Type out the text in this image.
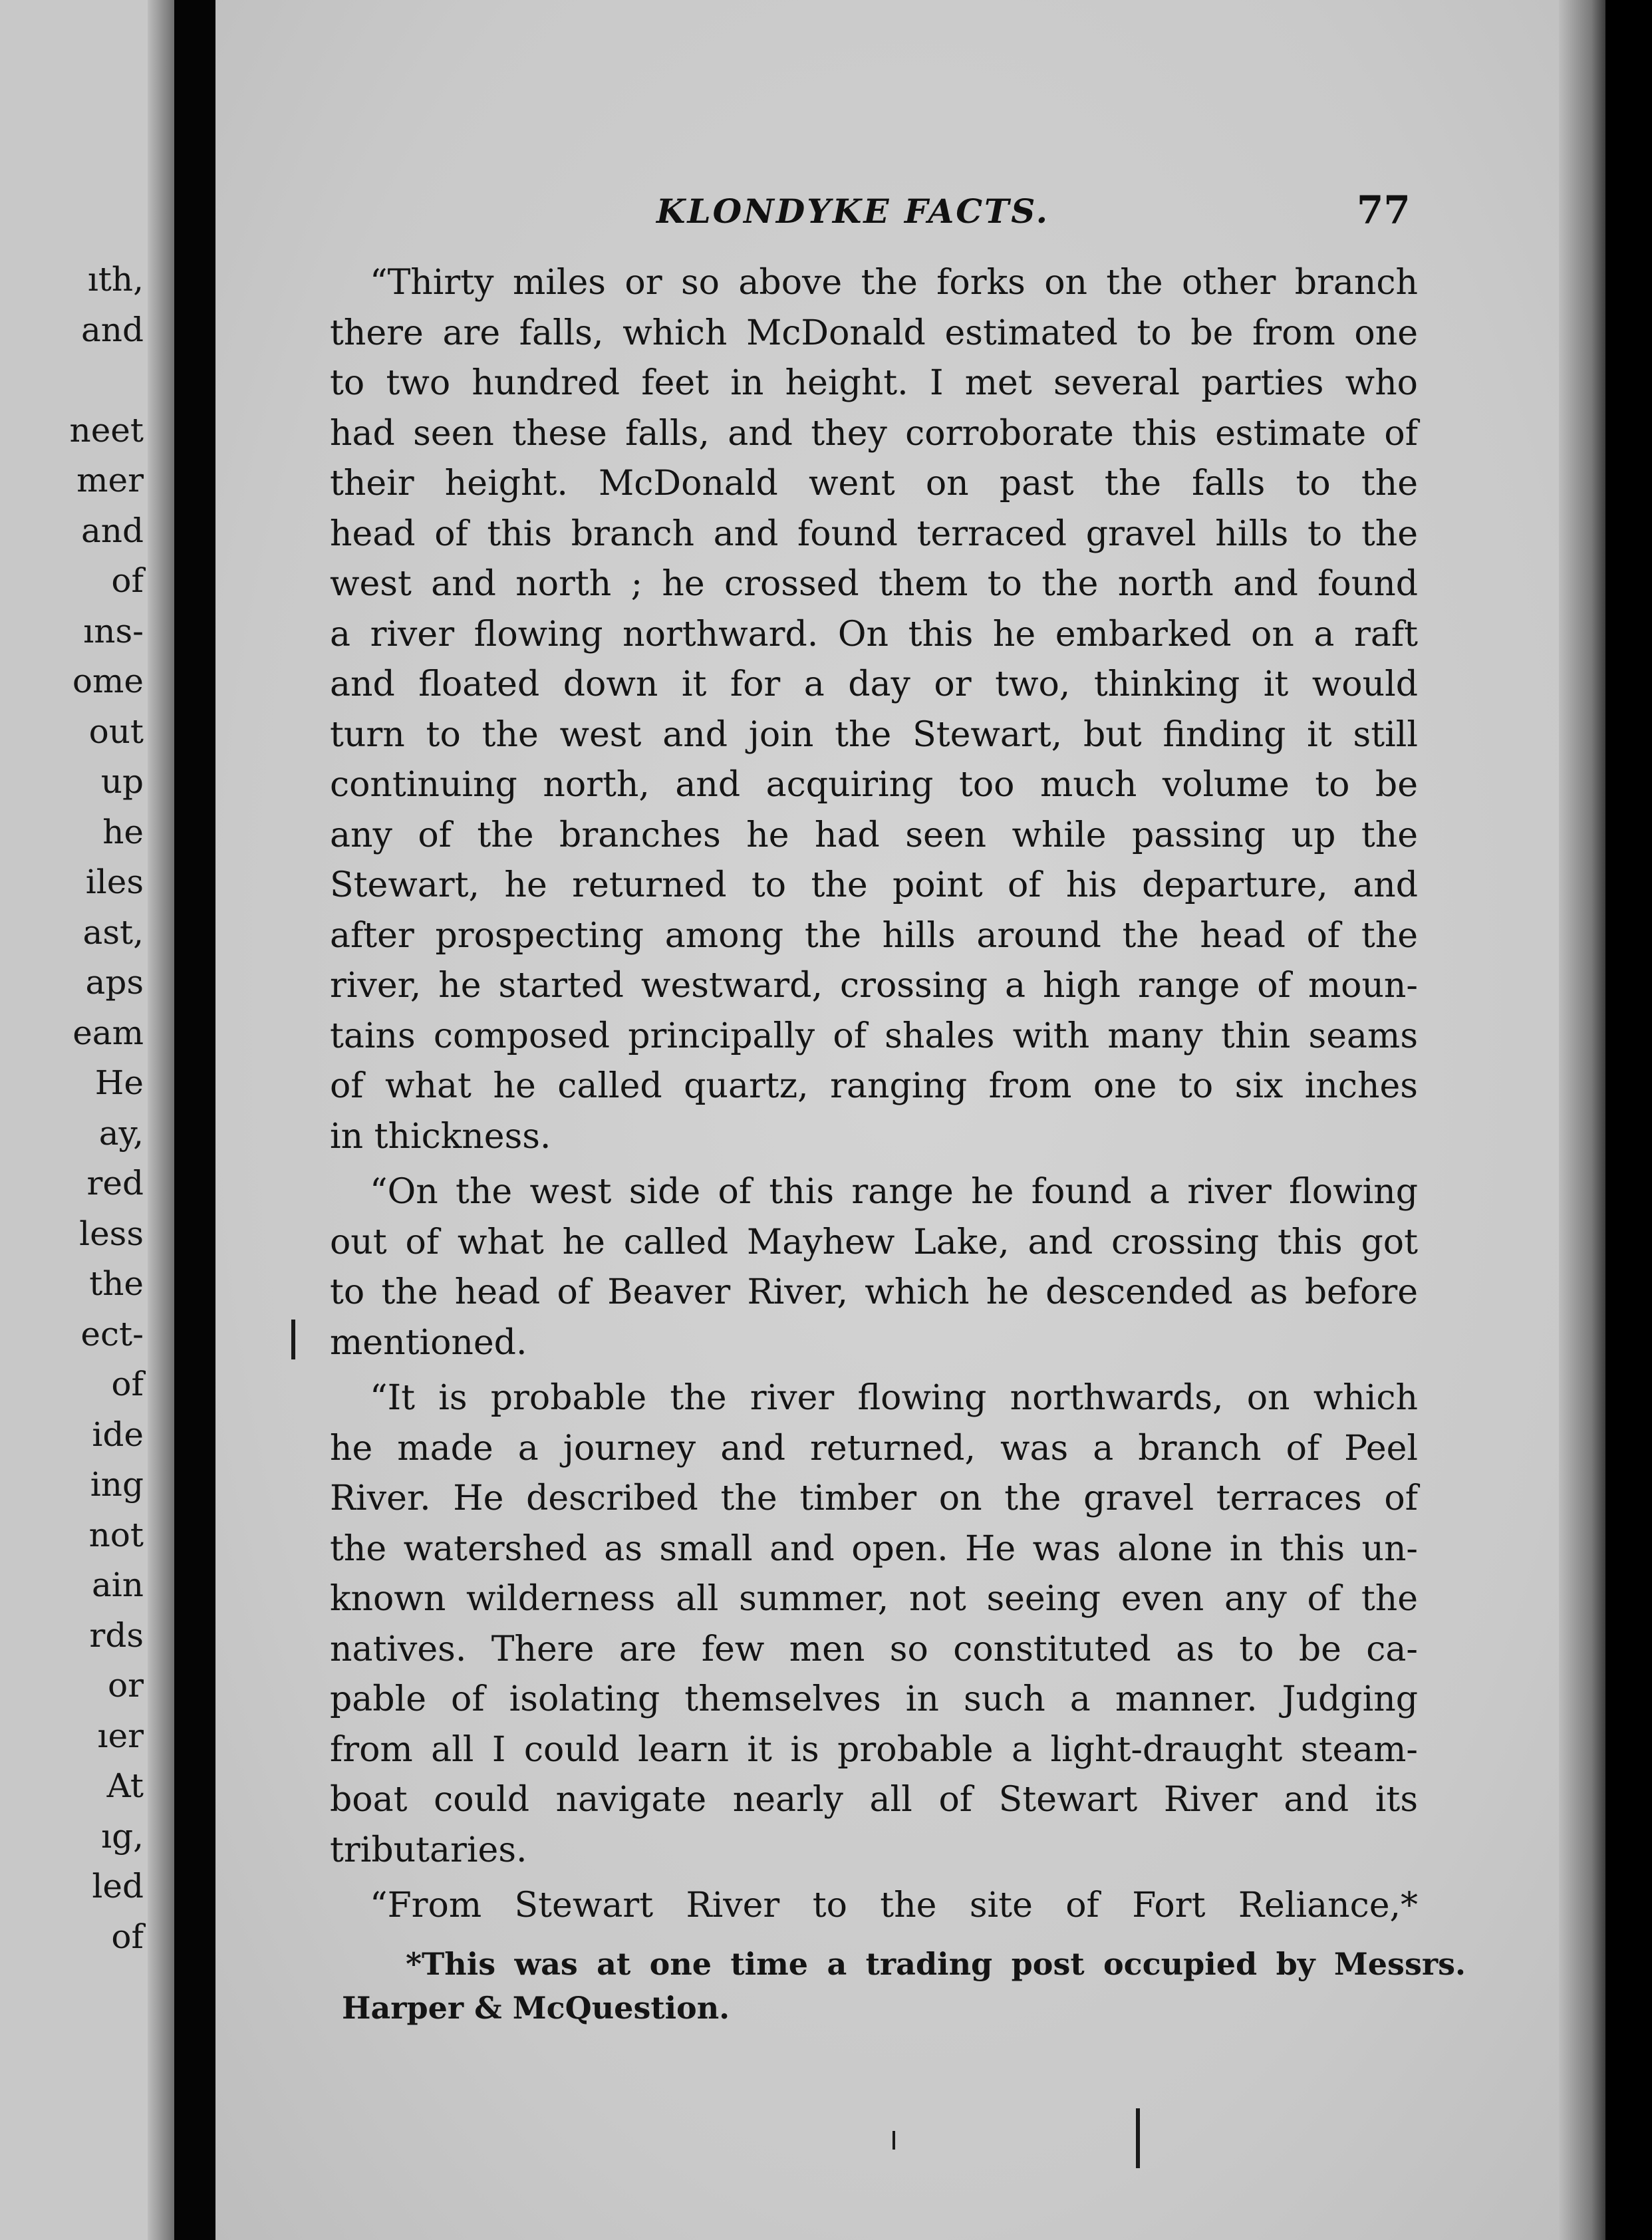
ıth,
and

neet
mer
and
of
ıns-
ome
out
up
he
iles
ast,
aps
eam
He
ay,
red
less
the
ect-
of
ide
ing
not
ain
rds
or
ıer
At
ıg,
led
of
KLONDYKE FACTS.	77
“Thirty miles or so above the forks on the other branch
there are falls, which McDonald estimated to be from one
to two hundred feet in height. I met several parties who
had seen these falls, and they corroborate this estimate of
their height. McDonald went on past the falls to the
head of this branch and found terraced gravel hills to the
west and north ; he crossed them to the north and found
a river flowing northward. On this he embarked on a raft
and floated down it for a day or two, thinking it would
turn to the west and join the Stewart, but finding it still
continuing north, and acquiring too much volume to be
any of the branches he had seen while passing up the
Stewart, he returned to the point of his departure, and
after prospecting among the hills around the head of the
river, he started westward, crossing a high range of moun-
tains composed principally of shales with many thin seams
of what he called quartz, ranging from one to six inches
in thickness.
“On the west side of this range he found a river flowing
out of what he called Mayhew Lake, and crossing this got
to the head of Beaver River, which he descended as before
mentioned.
“It is probable the river flowing northwards, on which
he made a journey and returned, was a branch of Peel
River. He described the timber on the gravel terraces of
the watershed as small and open. He was alone in this un-
known wilderness all summer, not seeing even any of the
natives. There are few men so constituted as to be ca-
pable of isolating themselves in such a manner. Judging
from all I could learn it is probable a light-draught steam-
boat could navigate nearly all of Stewart River and its
tributaries.
“From Stewart River to the site of Fort Reliance,*
*This was at one time a trading post occupied by Messrs.
Harper & McQuestion.
